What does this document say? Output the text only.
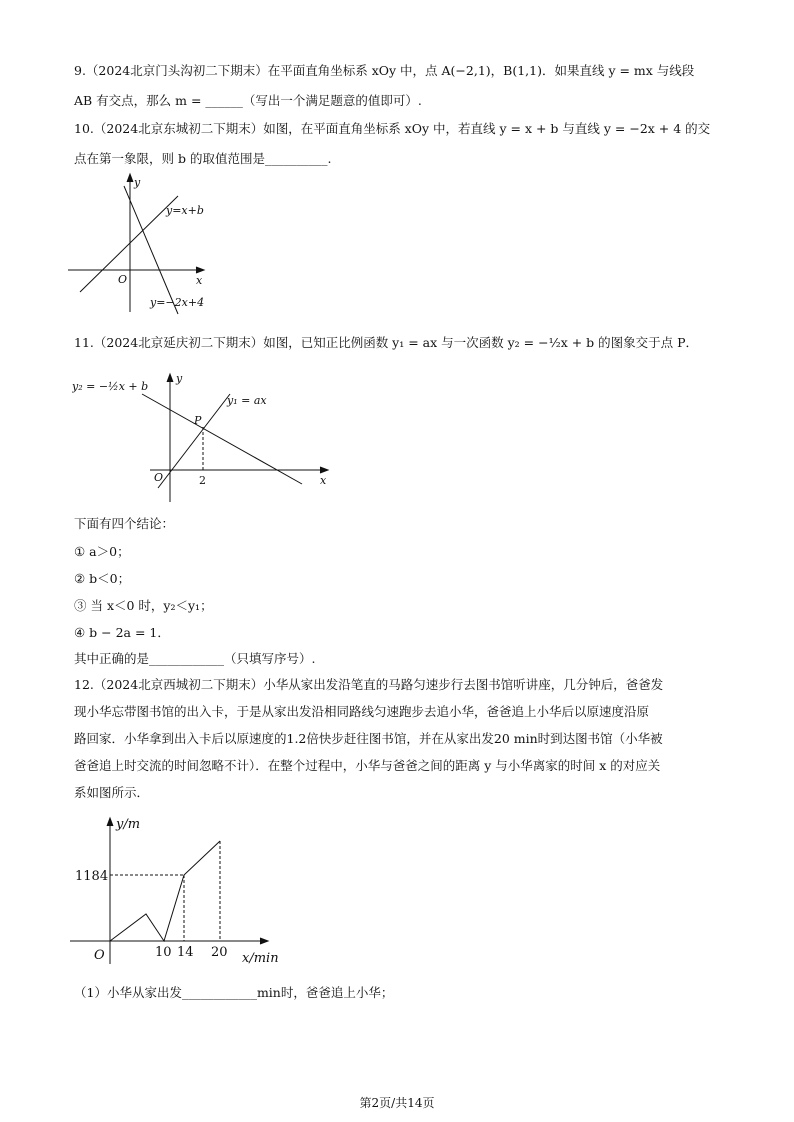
9.（2024北京门头沟初二下期末）在平面直角坐标系 xOy 中，点 A(−2,1)，B(1,1)．如果直线 y = mx 与线段
AB 有交点，那么 m = ______（写出一个满足题意的值即可）.
10.（2024北京东城初二下期末）如图，在平面直角坐标系 xOy 中，若直线 y = x + b 与直线 y = −2x + 4 的交
点在第一象限，则 b 的取值范围是__________.
y
x
O
y=x+b
y=−2x+4
11.（2024北京延庆初二下期末）如图，已知正比例函数 y₁ = ax 与一次函数 y₂ = −½x + b 的图象交于点 P．
y₂ = −½x + b
y₁ = ax
P
O	2	x
y
下面有四个结论：
① a＞0；
② b＜0；
③ 当 x＜0 时，y₂＜y₁；
④ b − 2a = 1．
其中正确的是____________（只填写序号）.
12.（2024北京西城初二下期末）小华从家出发沿笔直的马路匀速步行去图书馆听讲座，几分钟后，爸爸发
现小华忘带图书馆的出入卡，于是从家出发沿相同路线匀速跑步去追小华，爸爸追上小华后以原速度沿原
路回家．小华拿到出入卡后以原速度的1.2倍快步赶往图书馆，并在从家出发20 min时到达图书馆（小华被
爸爸追上时交流的时间忽略不计）．在整个过程中，小华与爸爸之间的距离 y 与小华离家的时间 x 的对应关
系如图所示．
y/m
1184
O	10 14 20 x/min
（1）小华从家出发____________min时，爸爸追上小华；
第2页/共14页
